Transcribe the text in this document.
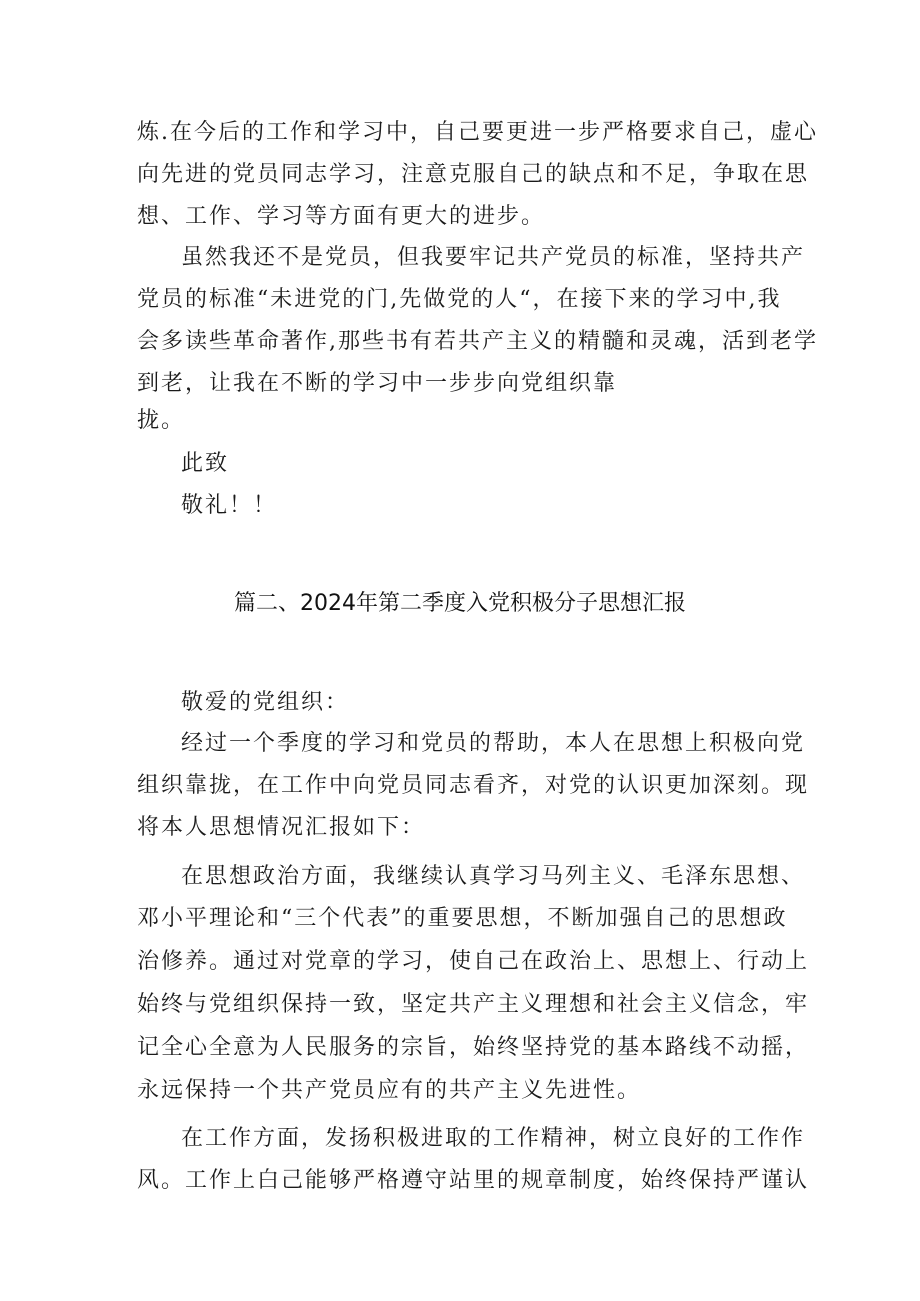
炼.在今后的工作和学习中，自己要更进一步严格要求自己，虚心
向先进的党员同志学习，注意克服自己的缺点和不足，争取在思
想、工作、学习等方面有更大的进步。
虽然我还不是党员，但我要牢记共产党员的标准，坚持共产
党员的标准“未进党的门,先做党的人“，在接下来的学习中,我
会多读些革命著作,那些书有若共产主义的精髓和灵魂，活到老学
到老，让我在不断的学习中一步步向党组织靠
拢。
此致
敬礼！！
篇二、2024年第二季度入党积极分子思想汇报
敬爱的党组织：
经过一个季度的学习和党员的帮助，本人在思想上积极向党
组织靠拢，在工作中向党员同志看齐，对党的认识更加深刻。现
将本人思想情况汇报如下：
在思想政治方面，我继续认真学习马列主义、毛泽东思想、
邓小平理论和“三个代表”的重要思想，不断加强自己的思想政
治修养。通过对党章的学习，使自己在政治上、思想上、行动上
始终与党组织保持一致，坚定共产主义理想和社会主义信念，牢
记全心全意为人民服务的宗旨，始终坚持党的基本路线不动摇，
永远保持一个共产党员应有的共产主义先进性。
在工作方面，发扬积极进取的工作精神，树立良好的工作作
风。工作上白己能够严格遵守站里的规章制度，始终保持严谨认
